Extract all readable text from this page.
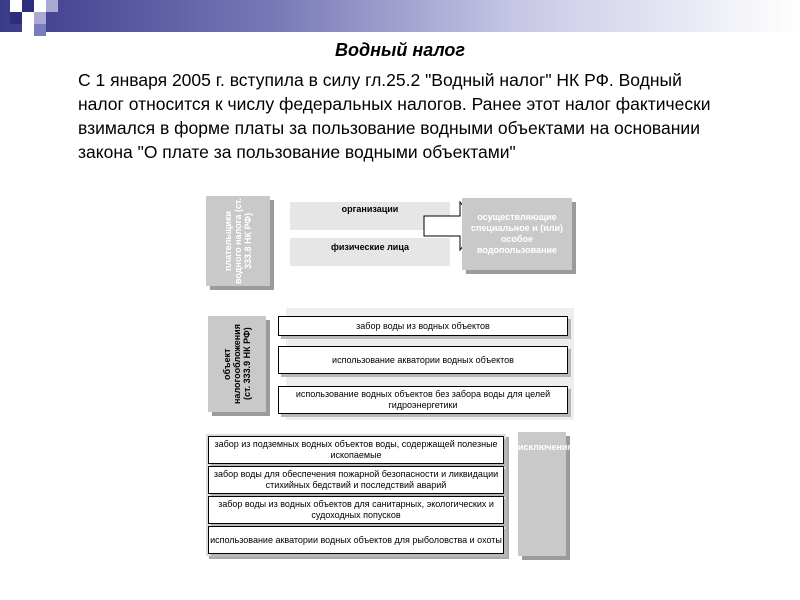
Водный налог
С 1 января 2005 г. вступила в силу гл.25.2 "Водный налог" НК РФ. Водный налог относится к числу федеральных налогов. Ранее этот налог фактически взимался в форме платы за пользование водными объектами на основании закона "О плате за пользование водными объектами"
плательщики водного налога (ст. 333.8 НК РФ)
организации
физические лица
осуществляющие специальное и (или) особое водопользование
объект налогообложения (ст. 333.9 НК РФ)
забор воды из водных объектов
использование акватории водных объектов
использование водных объектов без забора воды для целей гидроэнергетики
забор из подземных водных объектов воды, содержащей полезные ископаемые
забор воды для обеспечения пожарной безопасности и ликвидации стихийных бедствий и последствий аварий
забор воды из водных объектов для санитарных, экологических и судоходных попусков
использование акватории водных объектов для рыболовства и охоты
исключения
